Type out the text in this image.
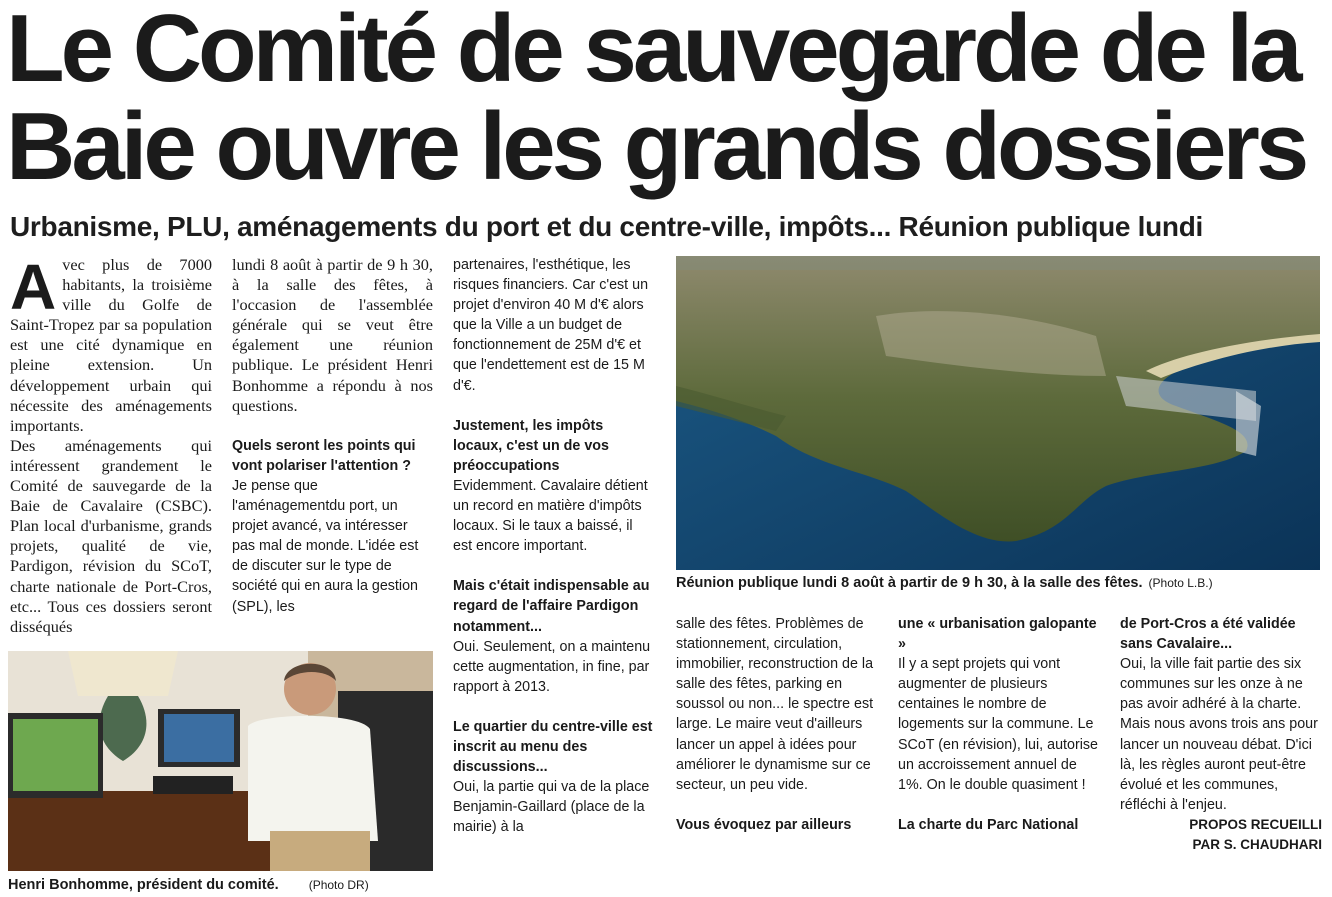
Le Comité de sauvegarde de la Baie ouvre les grands dossiers
Urbanisme, PLU, aménagements du port et du centre-ville, impôts... Réunion publique lundi

Avec plus de 7000 habitants, la troisième ville du Golfe de Saint-Tropez par sa population est une cité dynamique en pleine extension. Un développement urbain qui nécessite des aménagements importants.

Des aménagements qui intéressent grandement le Comité de sauvegarde de la Baie de Cavalaire (CSBC). Plan local d'urbanisme, grands projets, qualité de vie, Pardigon, révision du SCoT, charte nationale de Port-Cros, etc... Tous ces dossiers seront disséqués

lundi 8 août à partir de 9 h 30, à la salle des fêtes, à l'occasion de l'assemblée générale qui se veut être également une réunion publique. Le président Henri Bonhomme a répondu à nos questions.

Quels seront les points qui vont polariser l'attention ?

Je pense que l'aménagementdu port, un projet avancé, va intéresser pas mal de monde. L'idée est de discuter sur le type de société qui en aura la gestion (SPL), les

partenaires, l'esthétique, les risques financiers. Car c'est un projet d'environ 40 M d'€ alors que la Ville a un budget de fonctionnement de 25M d'€ et que l'endettement est de 15 M d'€.

Justement, les impôts locaux, c'est un de vos préoccupations

Evidemment. Cavalaire détient un record en matière d'impôts locaux. Si le taux a baissé, il est encore important.

Mais c'était indispensable au regard de l'affaire Pardigon notamment...

Oui. Seulement, on a maintenu cette augmentation, in fine, par rapport à 2013.

Le quartier du centre-ville est inscrit au menu des discussions...

Oui, la partie qui va de la place Benjamin-Gaillard (place de la mairie) à la

Réunion publique lundi 8 août à partir de 9 h 30, à la salle des fêtes. (Photo L.B.)
Henri Bonhomme, président du comité.	(Photo DR)

salle des fêtes. Problèmes de stationnement, circulation, immobilier, reconstruction de la salle des fêtes, parking en soussol ou non... le spectre est large. Le maire veut d'ailleurs lancer un appel à idées pour améliorer le dynamisme sur ce secteur, un peu vide.

Vous évoquez par ailleurs

une « urbanisation galopante »

Il y a sept projets qui vont augmenter de plusieurs centaines le nombre de logements sur la commune. Le SCoT (en révision), lui, autorise un accroissement annuel de 1%. On le double quasiment !

La charte du Parc National

de Port-Cros a été validée sans Cavalaire...

Oui, la ville fait partie des six communes sur les onze à ne pas avoir adhéré à la charte. Mais nous avons trois ans pour lancer un nouveau débat. D'ici là, les règles auront peut-être évolué et les communes, réfléchi à l'enjeu.

PROPOS RECUEILLI

PAR S. CHAUDHARI
